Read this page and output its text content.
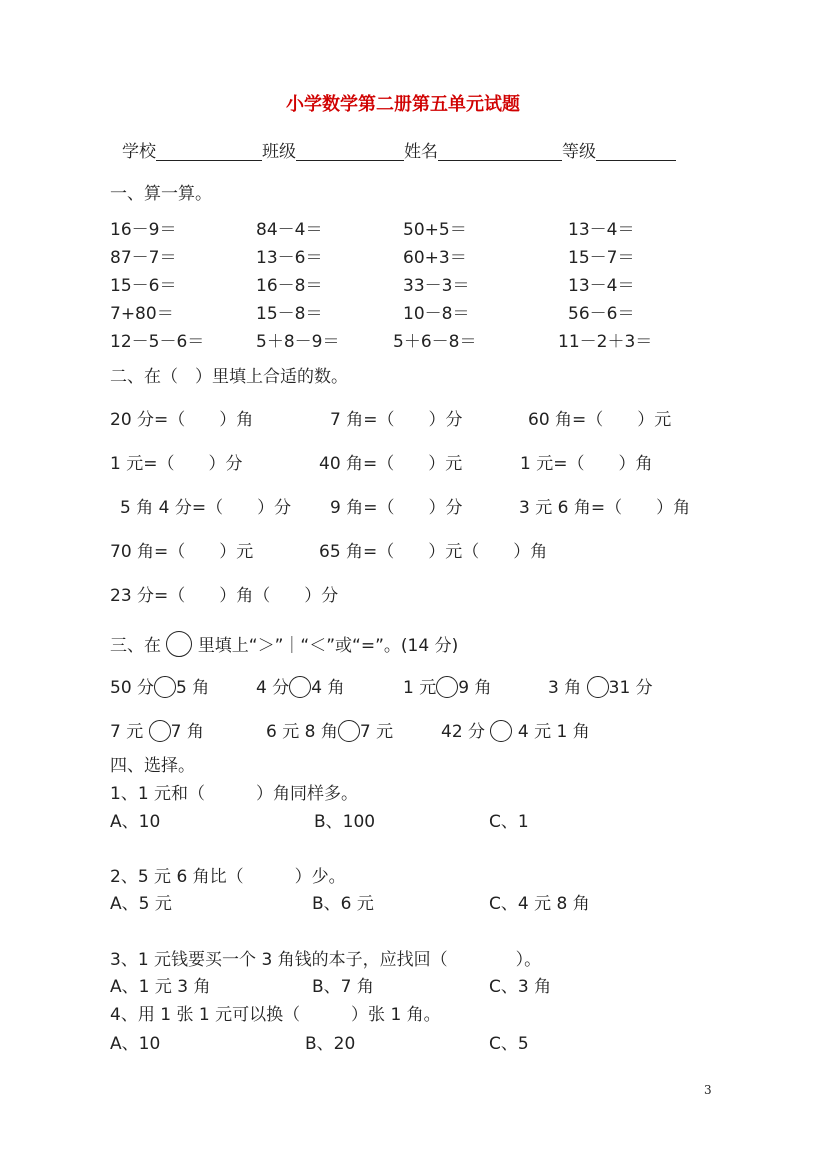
小学数学第二册第五单元试题
学校	班级	姓名	等级
一、算一算。
16－9＝	84－4＝	50+5＝	13－4＝
87－7＝	13－6＝	60+3＝	15－7＝
15－6＝	16－8＝	33－3＝	13－4＝
7+80＝	15－8＝	10－8＝	56－6＝
12－5－6＝	5＋8－9＝	5＋6－8＝	11－2＋3＝
二、在（　）里填上合适的数。
20 分=（　　）角	7 角=（　　）分	60 角=（　　）元
1 元=（　　）分	40 角=（　　）元	1 元=（　　）角
5 角 4 分=（　　）分 9 角=（　　）分	3 元 6 角=（　　）角
70 角=（　　）元	65 角=（　　）元（　　）角
23 分=（　　）角（　　）分
三、在 里填上“＞”｜“＜”或“=”。(14 分)
50 分 5 角	4 分 4 角	1 元 9 角	3 角 31 分
7 元 7 角	6 元 8 角 7 元	42 分 4 元 1 角
四、选择。
1、1 元和（　　　）角同样多。
A、10	B、100	C、1
2、5 元 6 角比（　　　）少。
A、5 元	B、6 元	C、4 元 8 角
3、1 元钱要买一个 3 角钱的本子，应找回（　　　　）。
A、1 元 3 角	B、7 角	C、3 角
4、用 1 张 1 元可以换（　　　）张 1 角。
A、10	B、20	C、5
3
